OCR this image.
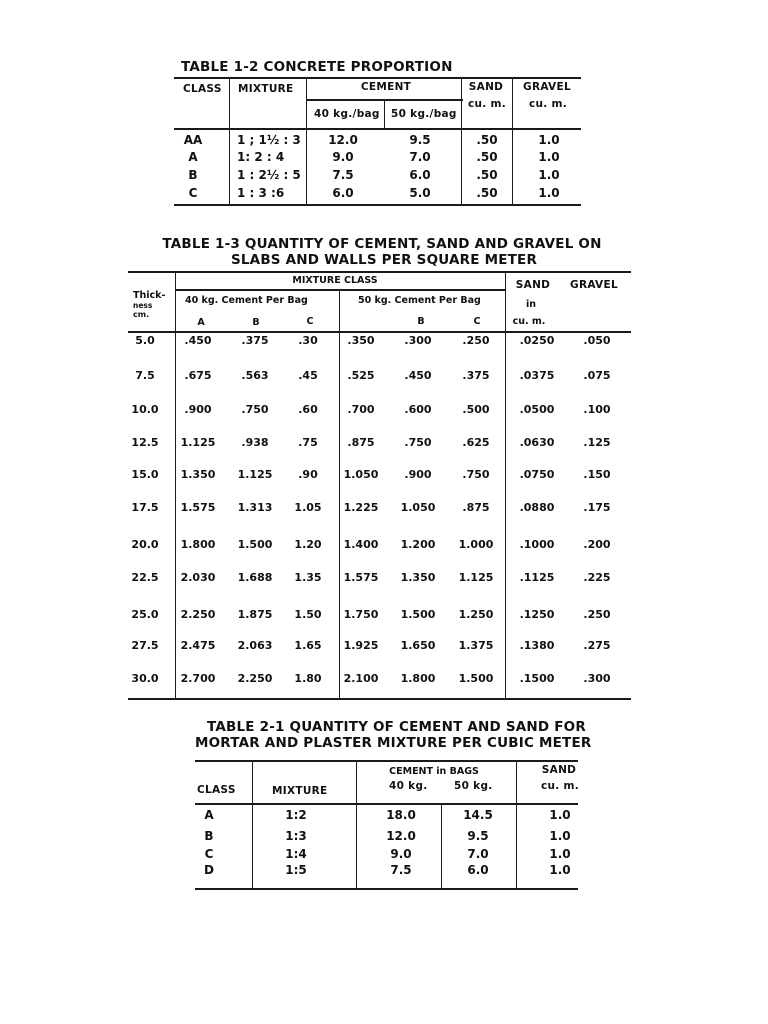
TABLE 1-2 CONCRETE PROPORTION
CLASS MIXTURE	CEMENT
40 kg./bag 50 kg./bag
SAND
cu. m.
GRAVEL
cu. m.
AA	1 ; 1½ : 3 12.0	9.5	.50	1.0
A	1: 2 : 4	9.0	7.0	.50	1.0
B	1 : 2½ : 5	7.5	6.0	.50	1.0
C	1 : 3 :6	6.0	5.0	.50	1.0
TABLE 1-3 QUANTITY OF CEMENT, SAND AND GRAVEL ON
SLABS AND WALLS PER SQUARE METER
Thick-
ness
cm.
MIXTURE CLASS
40 kg. Cement Per Bag	50 kg. Cement Per Bag
A	B	C	B	C
SAND
in
cu. m.
GRAVEL
5.0	.450	.375	.30	.350	.300	.250	.0250	.050
7.5	.675	.563	.45	.525	.450	.375	.0375	.075
10.0 .900	.750	.60	.700	.600	.500	.0500	.100
12.5 1.125 .938	.75	.875	.750	.625	.0630	.125
15.0 1.350 1.125 .90 1.050 .900	.750	.0750	.150
17.5 1.575 1.313 1.05 1.225 1.050 .875	.0880	.175
20.0 1.800 1.500 1.20 1.400 1.200 1.000 .1000	.200
22.5 2.030 1.688 1.35 1.575 1.350 1.125 .1125	.225
25.0 2.250 1.875 1.50 1.750 1.500 1.250 .1250	.250
27.5 2.475 2.063 1.65 1.925 1.650 1.375 .1380	.275
30.0 2.700 2.250 1.80 2.100 1.800 1.500 .1500	.300
TABLE 2-1 QUANTITY OF CEMENT AND SAND FOR
MORTAR AND PLASTER MIXTURE PER CUBIC METER
CLASS	MIXTURE
CEMENT in BAGS
40 kg.	50 kg.
SAND
cu. m.
A	1:2	18.0	14.5	1.0
B	1:3	12.0	9.5	1.0
C	1:4	9.0	7.0	1.0
D	1:5	7.5	6.0	1.0
